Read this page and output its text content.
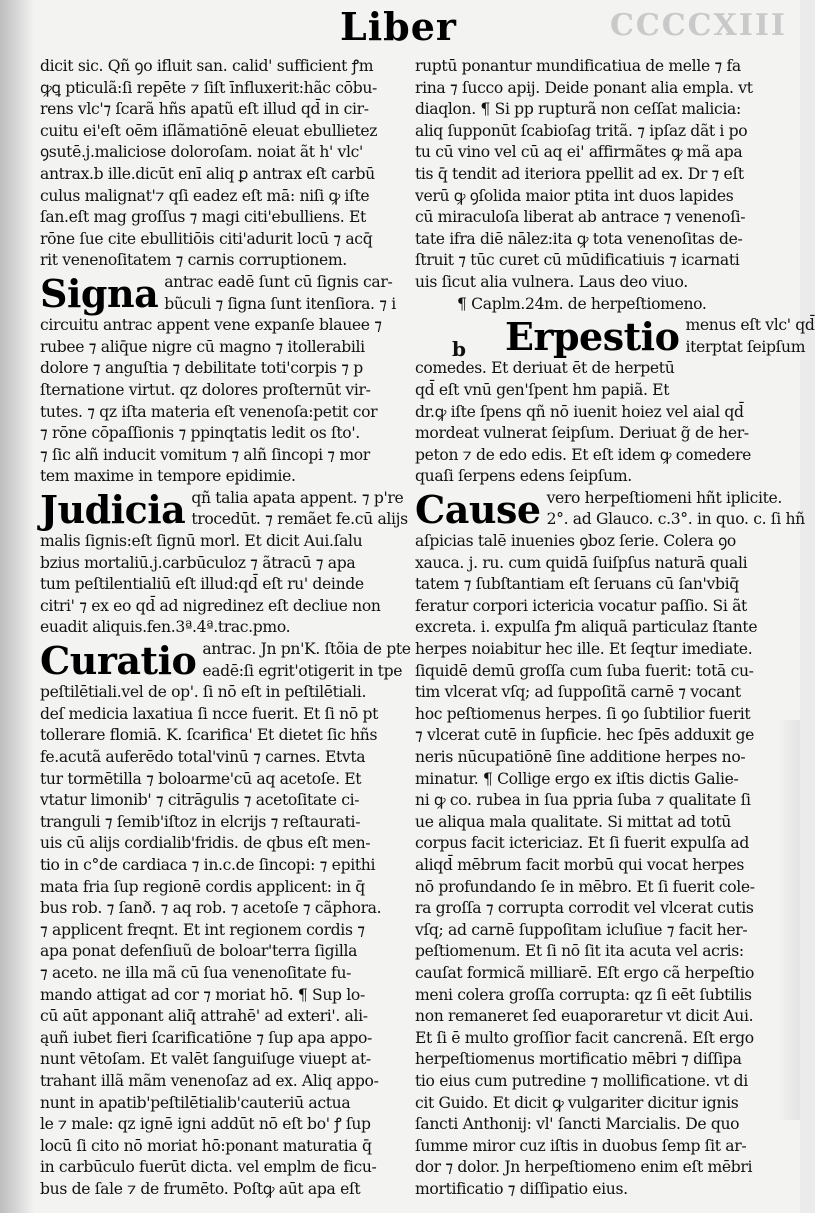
Liber	CCCCXIII
dicit sic. Qñ ꝯo ifluit san. calid' sufficient ꝭm
ꝙꝗ pticulã:ſi repēte ⁊ ſiſt īnfluxerit:hãc cōbu-
rens vlc'⁊ ſcarã hñs apatũ eſt illud qd̄ in cir-
cuitu ei'eſt oēm iſlãmatiōnē eleuat ebullietez
ꝯsutē.j.maliciose doloroſam. noiat ãt h' vlc'
antrax.b ille.dicūt enī aliq ꝑ antrax eſt carbū
culus malignat'⁊ qſi eadez eſt mā: niſi ꝙ iſte
ſan.eſt mag groſſus ⁊ magi citi'ebulliens. Et
rōne ſue cite ebullitiōis citi'adurit locū ⁊ acq̄
rit venenoſitatem ⁊ carnis corruptionem.
Signa antrac eadē ſunt cū ſignis car-
bũculi ⁊ ſigna ſunt itenſiora. ⁊ i
circuitu antrac appent vene expanſe blauee ⁊
rubee ⁊ aliq̄ue nigre cū magno ⁊ itollerabili
dolore ⁊ anguſtia ⁊ debilitate toti'corpis ⁊ p
ſternatione virtut. qz dolores proſternūt vir-
tutes. ⁊ qz iſta materia eſt venenoſa:petit cor
⁊ rōne cōpaſſionis ⁊ ppinqtatis ledit os ſto'.
⁊ ſic alñ inducit vomitum ⁊ alñ ſincopi ⁊ mor
tem maxime in tempore epidimie.
Judicia qñ talia apata appent. ⁊ p're
trocedūt. ⁊ remãet fe.cū alijs
malis ſignis:eſt ſignū morl. Et dicit Aui.ſalu
bzius mortaliū.j.carbūculoz ⁊ ãtracū ⁊ apa
tum peſtilentialiū eſt illud:qd̄ eſt ru' deinde
citri' ⁊ ex eo qd̄ ad nigredinez eſt decliue non
euadit aliquis.fen.3ª.4ª.trac.pmo.
Curatio antrac. Jn pn'K. ſtõia de pte
eadē:ſi egrit'otigerit in tpe
peſtilētiali.vel de op'. ſi nō eſt in peſtilētiali.
deſ medicia laxatiua ſi ncce fuerit. Et ſi nō pt
tollerare flomiā. K. ſcarifica' Et dietet ſic hñs
fe.acutã auferēdo total'vinū ⁊ carnes. Etvta
tur tormētilla ⁊ boloarme'cū aq acetoſe. Et
vtatur limonib' ⁊ citrāgulis ⁊ acetoſitate ci-
tranguli ⁊ ſemib'iſtoz in elcrijs ⁊ reſtaurati-
uis cū alijs cordialib'fridis. de qbus eſt men-
tio in c°de cardiaca ⁊ in.c.de ſincopi: ⁊ epithi
mata fria ſup regionē cordis applicent: in q̄
bus rob. ⁊ ſanð. ⁊ aq rob. ⁊ acetoſe ⁊ cãphora.
⁊ applicent freqnt. Et int regionem cordis ⁊
apa ponat defenſiuũ de boloar'terra ſigilla
⁊ aceto. ne illa mã cū ſua venenoſitate fu-
mando attigat ad cor ⁊ moriat hō. ¶ Sup lo-
cū aūt apponant aliq̄ attrahē' ad exteri'. ali-
ąuñ iubet fieri ſcarificatiōne ⁊ ſup apa appo-
nunt vētoſam. Et valēt ſanguiſuge viuept at-
trahant illã mãm venenoſaz ad ex. Aliq appo-
nunt in apatib'peſtilētialib'cauteriū actua
le ⁊ male: qz ignē igni addūt nō eſt bo' ꝭ ſup
locū ſi cito nō moriat hō:ponant maturatia q̄
in carbūculo fuerūt dicta. vel emplm de ficu-
bus de ſale ⁊ de frumēto. Poſtꝙ aūt apa eſt
ruptū ponantur mundificatiua de melle ⁊ fa
rina ⁊ ſucco apij. Deide ponant alia empla. vt
diaqlon. ¶ Si pp rupturã non ceſſat malicia:
aliq ſupponūt ſcabioſag tritã. ⁊ ipſaz dãt i po
tu cū vino vel cū aq ei' affirmãtes ꝙ mã apa
tis q̄ tendit ad iteriora ppellit ad ex. Dr ⁊ eſt
verū ꝙ ꝯſolida maior ptita int duos lapides
cū miraculoſa liberat ab antrace ⁊ venenoſi-
tate ifra diē nālez:ita ꝙ tota venenoſitas de-
ſtruit ⁊ tūc curet cū mūdificatiuis ⁊ icarnati
uis ſicut alia vulnera. Laus deo viuo.
¶ Caplm.24m. de herpeſtiomeno.
Erpestio menus eſt vlc' qd̄
iterptat ſeipſum
comedes. Et deriuat ēt de herpetū
qd̄ eſt vnū gen'ſpent hm papiã. Et
dr.ꝙ iſte ſpens qñ nō iuenit hoiez vel aial qd̄
mordeat vulnerat ſeipſum. Deriuat g̃ de her-
peton ⁊ de edo edis. Et eſt idem ꝙ comedere
quaſi ſerpens edens ſeipſum.
Cause vero herpeſtiomeni hñt iplicite.
2°. ad Glauco. c.3°. in quo. c. ſi hñ
aſpicias talē inuenies ꝯboz ſerie. Colera ꝯo
xauca. j. ru. cum quidā ſuiſpſus naturā quali
tatem ⁊ ſubſtantiam eſt ſeruans cū ſan'vbiq̄
feratur corpori ictericia vocatur paſſio. Si ãt
excreta. i. expulſa ꝭm aliquã particulaz ſtante
herpes noiabitur hec ille. Et ſeqtur imediate.
ſiquidē demū groſſa cum ſuba fuerit: totā cu-
tim vlcerat vſq; ad ſuppoſitã carnē ⁊ vocant
hoc peſtiomenus herpes. ſi ꝯo ſubtilior fuerit
⁊ vlcerat cutē in ſupficie. hec ſpēs adduxit ge
neris nūcupatiōnē ſine additione herpes no-
minatur. ¶ Collige ergo ex iſtis dictis Galie-
ni ꝙ co. rubea in ſua ppria ſuba ⁊ qualitate ſi
ue aliqua mala qualitate. Si mittat ad totū
corpus facit ictericiaz. Et ſi fuerit expulſa ad
aliqd̄ mēbrum facit morbū qui vocat herpes
nō profundando ſe in mēbro. Et ſi fuerit cole-
ra groſſa ⁊ corrupta corrodit vel vlcerat cutis
vſq; ad carnē ſuppoſitam icluſiue ⁊ facit her-
peſtiomenum. Et ſi nō ſit ita acuta vel acris:
cauſat formicã milliarē. Eſt ergo cã herpeſtio
meni colera groſſa corrupta: qz ſi eēt ſubtilis
non remaneret ſed euaporaretur vt dicit Aui.
Et ſi ē multo groſſior facit cancrenã. Eſt ergo
herpeſtiomenus mortificatio mēbri ⁊ diſſipa
tio eius cum putredine ⁊ mollificatione. vt di
cit Guido. Et dicit ꝙ vulgariter dicitur ignis
ſancti Anthonij: vl' ſancti Marcialis. De quo
ſumme miror cuz iſtis in duobus ſemp ſit ar-
dor ⁊ dolor. Jn herpeſtiomeno enim eſt mēbri
mortificatio ⁊ diſſipatio eius.
b
